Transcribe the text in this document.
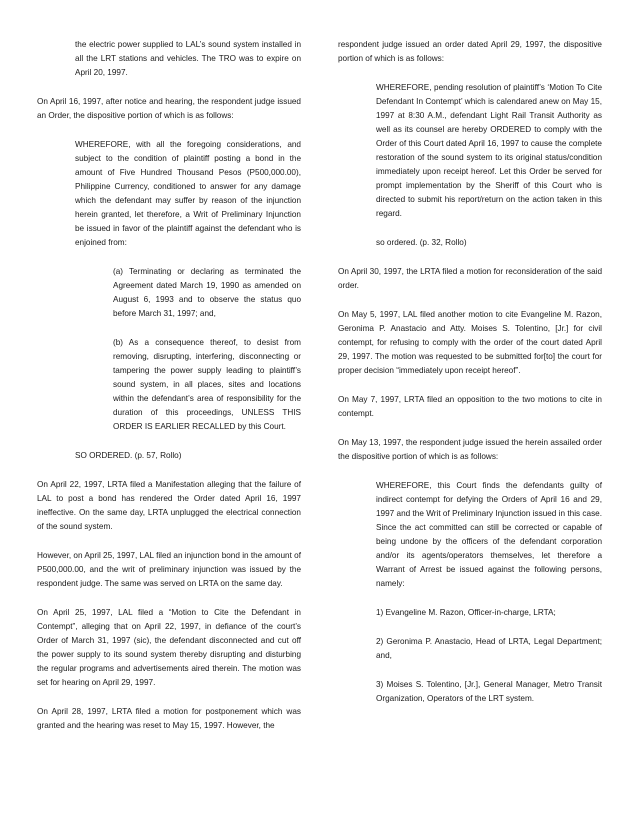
the electric power supplied to LAL’s sound system installed in all the LRT stations and vehicles. The TRO was to expire on April 20, 1997.

On April 16, 1997, after notice and hearing, the respondent judge issued an Order, the dispositive portion of which is as follows:

WHEREFORE, with all the foregoing considerations, and subject to the condition of plaintiff posting a bond in the amount of Five Hundred Thousand Pesos (P500,000.00), Philippine Currency, conditioned to answer for any damage which the defendant may suffer by reason of the injunction herein granted, let therefore, a Writ of Preliminary Injunction be issued in favor of the plaintiff against the defendant who is enjoined from:

(a) Terminating or declaring as terminated the Agreement dated March 19, 1990 as amended on August 6, 1993 and to observe the status quo before March 31, 1997; and,

(b) As a consequence thereof, to desist from removing, disrupting, interfering, disconnecting or tampering the power supply leading to plaintiff’s sound system, in all places, sites and locations within the defendant’s area of responsibility for the duration of this proceedings, UNLESS THIS ORDER IS EARLIER RECALLED by this Court.

SO ORDERED. (p. 57, Rollo)

On April 22, 1997, LRTA filed a Manifestation alleging that the failure of LAL to post a bond has rendered the Order dated April 16, 1997 ineffective. On the same day, LRTA unplugged the electrical connection of the sound system.

However, on April 25, 1997, LAL filed an injunction bond in the amount of P500,000.00, and the writ of preliminary injunction was issued by the respondent judge. The same was served on LRTA on the same day.

On April 25, 1997, LAL filed a “Motion to Cite the Defendant in Contempt”, alleging that on April 22, 1997, in defiance of the court’s Order of March 31, 1997 (sic), the defendant disconnected and cut off the power supply to its sound system thereby disrupting and disturbing the regular programs and advertisements aired therein. The motion was set for hearing on April 29, 1997.

On April 28, 1997, LRTA filed a motion for postponement which was granted and the hearing was reset to May 15, 1997. However, the

respondent judge issued an order dated April 29, 1997, the dispositive portion of which is as follows:

WHEREFORE, pending resolution of plaintiff’s ‘Motion To Cite Defendant In Contempt’ which is calendared anew on May 15, 1997 at 8:30 A.M., defendant Light Rail Transit Authority as well as its counsel are hereby ORDERED to comply with the Order of this Court dated April 16, 1997 to cause the complete restoration of the sound system to its original status/condition immediately upon receipt hereof. Let this Order be served for prompt implementation by the Sheriff of this Court who is directed to submit his report/return on the action taken in this regard.

so ordered. (p. 32, Rollo)

On April 30, 1997, the LRTA filed a motion for reconsideration of the said order.

On May 5, 1997, LAL filed another motion to cite Evangeline M. Razon, Geronima P. Anastacio and Atty. Moises S. Tolentino, [Jr.] for civil contempt, for refusing to comply with the order of the court dated April 29, 1997. The motion was requested to be submitted for[to] the court for proper decision “immediately upon receipt hereof”.

On May 7, 1997, LRTA filed an opposition to the two motions to cite in contempt.

On May 13, 1997, the respondent judge issued the herein assailed order the dispositive portion of which is as follows:

WHEREFORE, this Court finds the defendants guilty of indirect contempt for defying the Orders of April 16 and 29, 1997 and the Writ of Preliminary Injunction issued in this case. Since the act committed can still be corrected or capable of being undone by the officers of the defendant corporation and/or its agents/operators themselves, let therefore a Warrant of Arrest be issued against the following persons, namely:

1) Evangeline M. Razon, Officer-in-charge, LRTA;

2) Geronima P. Anastacio, Head of LRTA, Legal Department; and,

3) Moises S. Tolentino, [Jr.], General Manager, Metro Transit Organization, Operators of the LRT system.
